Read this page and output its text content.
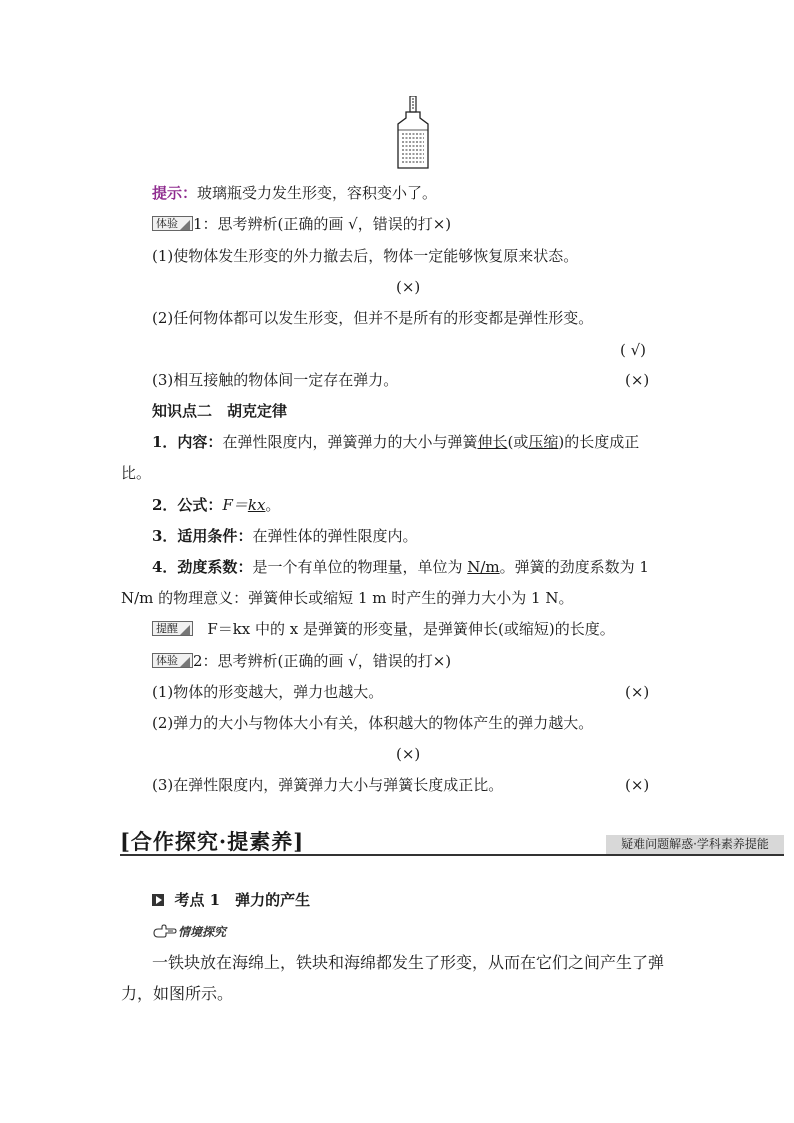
提示：玻璃瓶受力发生形变，容积变小了。
体验 1：思考辨析(正确的画 √，错误的打×)
(1)使物体发生形变的外力撤去后，物体一定能够恢复原来状态。
(×)
(2)任何物体都可以发生形变，但并不是所有的形变都是弹性形变。
( √)
(3)相互接触的物体间一定存在弹力。	(×)
知识点二　胡克定律
1．内容：在弹性限度内，弹簧弹力的大小与弹簧伸长(或压缩)的长度成正
比。
2．公式：F＝kx。
3．适用条件：在弹性体的弹性限度内。
4．劲度系数：是一个有单位的物理量，单位为 N/m。弹簧的劲度系数为 1
N/m 的物理意义：弹簧伸长或缩短 1 m 时产生的弹力大小为 1 N。
提醒 F＝kx 中的 x 是弹簧的形变量，是弹簧伸长(或缩短)的长度。
体验 2：思考辨析(正确的画 √，错误的打×)
(1)物体的形变越大，弹力也越大。	(×)
(2)弹力的大小与物体大小有关，体积越大的物体产生的弹力越大。
(×)
(3)在弹性限度内，弹簧弹力大小与弹簧长度成正比。	(×)
[合作探究·提素养]	疑难问题解惑·学科素养提能
考点 1　弹力的产生
情境探究
一铁块放在海绵上，铁块和海绵都发生了形变，从而在它们之间产生了弹
力，如图所示。
